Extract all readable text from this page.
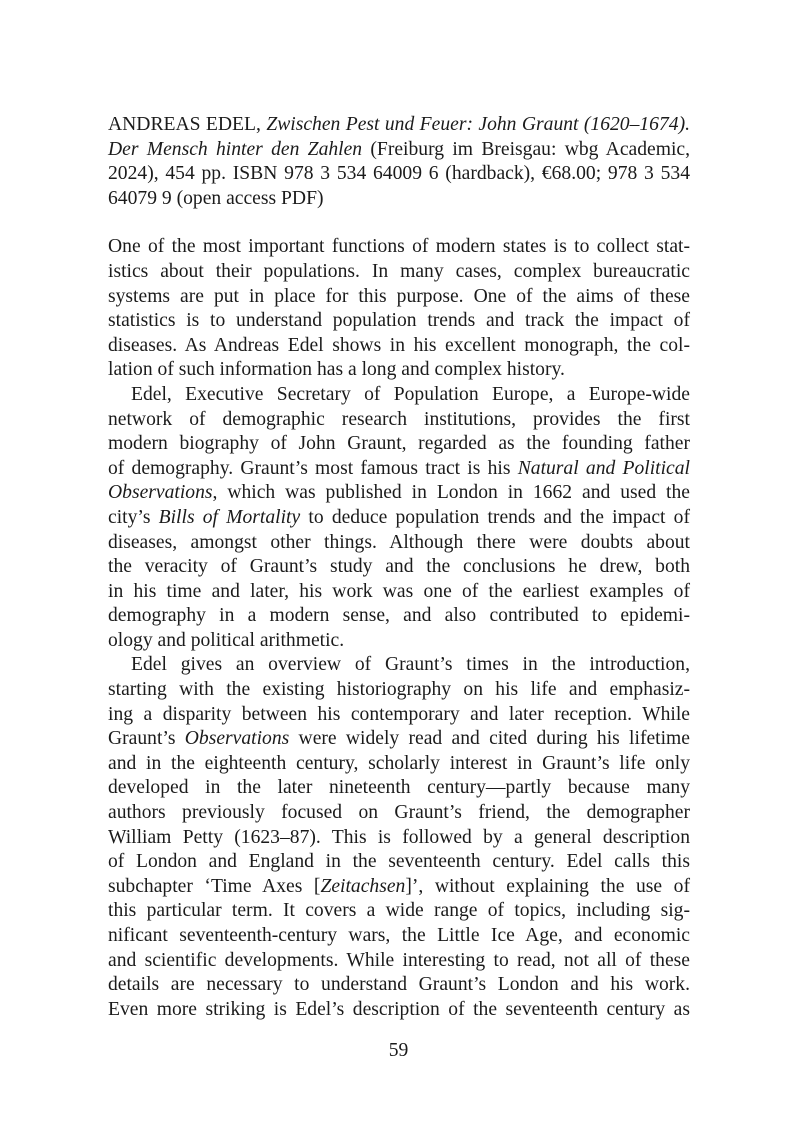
ANDREAS EDEL, Zwischen Pest und Feuer: John Graunt (1620–1674).
Der Mensch hinter den Zahlen (Freiburg im Breisgau: wbg Academic,
2024), 454 pp. ISBN 978 3 534 64009 6 (hardback), €68.00; 978 3 534
64079 9 (open access PDF)
One of the most important functions of modern states is to collect stat-
istics about their populations. In many cases, complex bureaucratic
systems are put in place for this purpose. One of the aims of these
statistics is to understand population trends and track the impact of
diseases. As Andreas Edel shows in his excellent monograph, the col-
lation of such information has a long and complex history.
Edel, Executive Secretary of Population Europe, a Europe-wide
network of demographic research institutions, provides the first
modern biography of John Graunt, regarded as the founding father
of demography. Graunt’s most famous tract is his Natural and Political
Observations, which was published in London in 1662 and used the
city’s Bills of Mortality to deduce population trends and the impact of
diseases, amongst other things. Although there were doubts about
the veracity of Graunt’s study and the conclusions he drew, both
in his time and later, his work was one of the earliest examples of
demography in a modern sense, and also contributed to epidemi-
ology and political arithmetic.
Edel gives an overview of Graunt’s times in the introduction,
starting with the existing historiography on his life and emphasiz-
ing a disparity between his contemporary and later reception. While
Graunt’s Observations were widely read and cited during his lifetime
and in the eighteenth century, scholarly interest in Graunt’s life only
developed in the later nineteenth century—partly because many
authors previously focused on Graunt’s friend, the demographer
William Petty (1623–87). This is followed by a general description
of London and England in the seventeenth century. Edel calls this
subchapter ‘Time Axes [Zeitachsen]’, without explaining the use of
this particular term. It covers a wide range of topics, including sig-
nificant seventeenth-century wars, the Little Ice Age, and economic
and scientific developments. While interesting to read, not all of these
details are necessary to understand Graunt’s London and his work.
Even more striking is Edel’s description of the seventeenth century as
59
